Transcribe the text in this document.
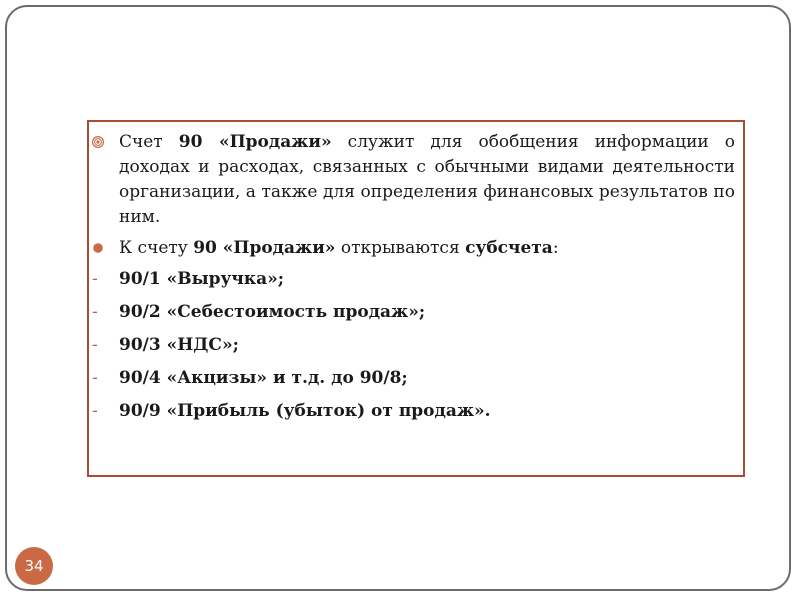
Счет 90 «Продажи» служит для обобщения информации о доходах и расходах, связанных с обычными видами деятельности организации, а также для определения финансовых результатов по ним.

К счету 90 «Продажи» открываются субсчета:

- 90/1 «Выручка»;
- 90/2 «Себестоимость продаж»;
- 90/3 «НДС»;
- 90/4 «Акцизы» и т.д. до 90/8;
- 90/9 «Прибыль (убыток) от продаж».
34
